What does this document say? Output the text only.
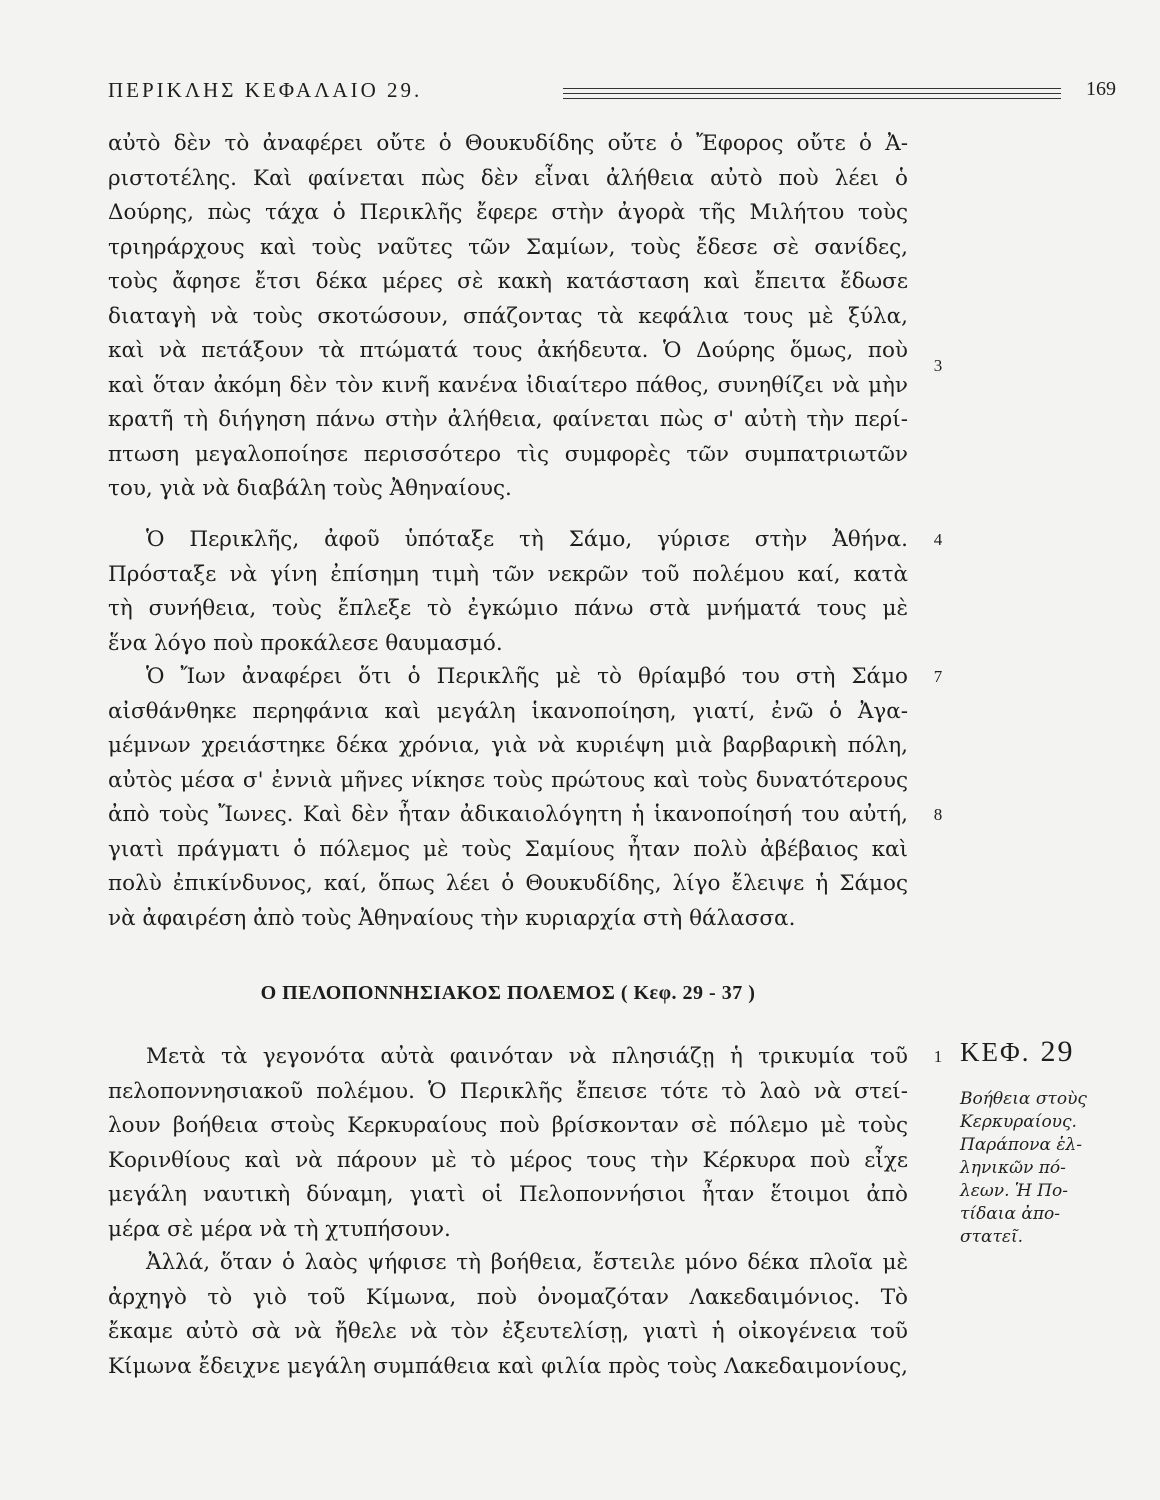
ΠΕΡΙΚΛΗΣ ΚΕΦΑΛΑΙΟ 29.	169
αὐτὸ δὲν τὸ ἀναφέρει οὔτε ὁ Θουκυδίδης οὔτε ὁ Ἔφορος οὔτε ὁ Ἀ-
ριστοτέλης. Καὶ φαίνεται πὼς δὲν εἶναι ἀλήθεια αὐτὸ ποὺ λέει ὁ
Δούρης, πὼς τάχα ὁ Περικλῆς ἔφερε στὴν ἀγορὰ τῆς Μιλήτου τοὺς
τριηράρχους καὶ τοὺς ναῦτες τῶν Σαμίων, τοὺς ἔδεσε σὲ σανίδες,
τοὺς ἄφησε ἔτσι δέκα μέρες σὲ κακὴ κατάσταση καὶ ἔπειτα ἔδωσε
διαταγὴ νὰ τοὺς σκοτώσουν, σπάζοντας τὰ κεφάλια τους μὲ ξύλα,
καὶ νὰ πετάξουν τὰ πτώματά τους ἀκήδευτα. Ὁ Δούρης ὅμως, ποὺ
καὶ ὅταν ἀκόμη δὲν τὸν κινῆ κανένα ἰδιαίτερο πάθος, συνηθίζει νὰ μὴν
κρατῆ τὴ διήγηση πάνω στὴν ἀλήθεια, φαίνεται πὼς σ' αὐτὴ τὴν περί-
πτωση μεγαλοποίησε περισσότερο τὶς συμφορὲς τῶν συμπατριωτῶν
του, γιὰ νὰ διαβάλη τοὺς Ἀθηναίους.
Ὁ Περικλῆς, ἀφοῦ ὑπόταξε τὴ Σάμο, γύρισε στὴν Ἀθήνα.
Πρόσταξε νὰ γίνη ἐπίσημη τιμὴ τῶν νεκρῶν τοῦ πολέμου καί, κατὰ
τὴ συνήθεια, τοὺς ἔπλεξε τὸ ἐγκώμιο πάνω στὰ μνήματά τους μὲ
ἕνα λόγο ποὺ προκάλεσε θαυμασμό.
Ὁ Ἴων ἀναφέρει ὅτι ὁ Περικλῆς μὲ τὸ θρίαμβό του στὴ Σάμο
αἰσθάνθηκε περηφάνια καὶ μεγάλη ἱκανοποίηση, γιατί, ἐνῶ ὁ Ἀγα-
μέμνων χρειάστηκε δέκα χρόνια, γιὰ νὰ κυριέψη μιὰ βαρβαρικὴ πόλη,
αὐτὸς μέσα σ' ἐννιὰ μῆνες νίκησε τοὺς πρώτους καὶ τοὺς δυνατότερους
ἀπὸ τοὺς Ἴωνες. Καὶ δὲν ἦταν ἀδικαιολόγητη ἡ ἱκανοποίησή του αὐτή,
γιατὶ πράγματι ὁ πόλεμος μὲ τοὺς Σαμίους ἦταν πολὺ ἀβέβαιος καὶ
πολὺ ἐπικίνδυνος, καί, ὅπως λέει ὁ Θουκυδίδης, λίγο ἔλειψε ἡ Σάμος
νὰ ἀφαιρέση ἀπὸ τοὺς Ἀθηναίους τὴν κυριαρχία στὴ θάλασσα.
3
4
7
8
1
Ο ΠΕΛΟΠΟΝΝΗΣΙΑΚΟΣ ΠΟΛΕΜΟΣ ( Κεφ. 29 - 37 )
Μετὰ τὰ γεγονότα αὐτὰ φαινόταν νὰ πλησιάζῃ ἡ τρικυμία τοῦ
πελοποννησιακοῦ πολέμου. Ὁ Περικλῆς ἔπεισε τότε τὸ λαὸ νὰ στεί-
λουν βοήθεια στοὺς Κερκυραίους ποὺ βρίσκονταν σὲ πόλεμο μὲ τοὺς
Κορινθίους καὶ νὰ πάρουν μὲ τὸ μέρος τους τὴν Κέρκυρα ποὺ εἶχε
μεγάλη ναυτικὴ δύναμη, γιατὶ οἱ Πελοποννήσιοι ἦταν ἕτοιμοι ἀπὸ
μέρα σὲ μέρα νὰ τὴ χτυπήσουν.
Ἀλλά, ὅταν ὁ λαὸς ψήφισε τὴ βοήθεια, ἔστειλε μόνο δέκα πλοῖα μὲ
ἀρχηγὸ τὸ γιὸ τοῦ Κίμωνα, ποὺ ὀνομαζόταν Λακεδαιμόνιος. Τὸ
ἔκαμε αὐτὸ σὰ νὰ ἤθελε νὰ τὸν ἐξευτελίσῃ, γιατὶ ἡ οἰκογένεια τοῦ
Κίμωνα ἔδειχνε μεγάλη συμπάθεια καὶ φιλία πρὸς τοὺς Λακεδαιμονίους,
ΚΕΦ. 29
Βοήθεια στοὺς
Κερκυραίους.
Παράπονα ἑλ-
ληνικῶν πό-
λεων. Ἡ Πο-
τίδαια ἀπο-
στατεῖ.
